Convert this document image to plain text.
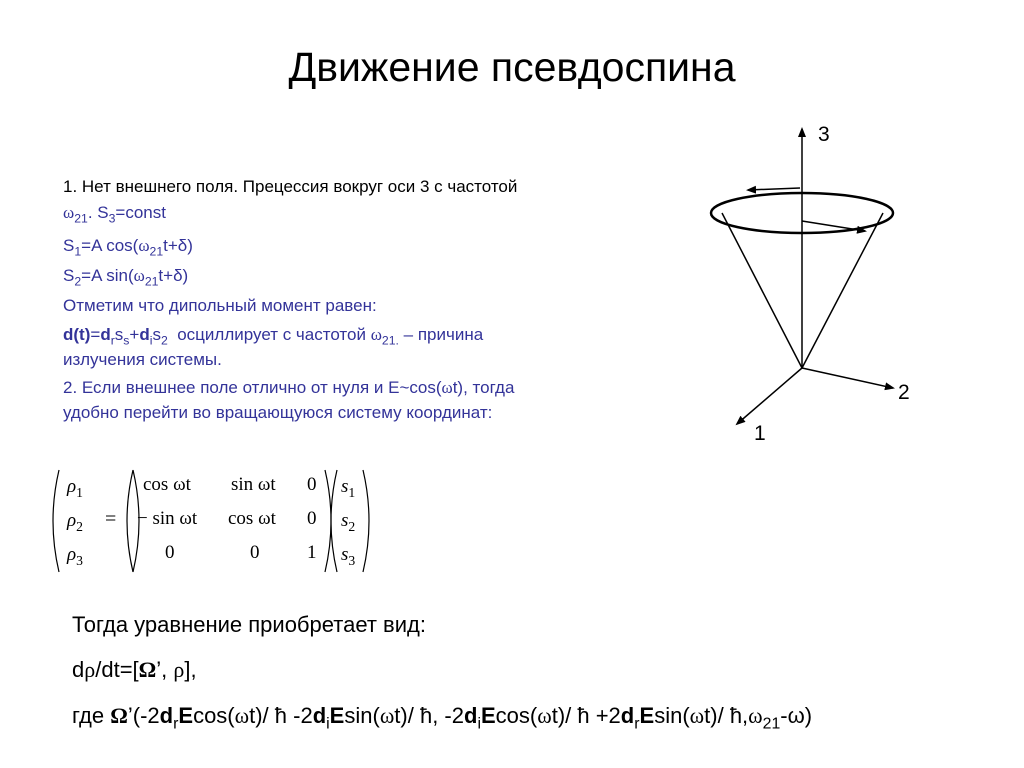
Движение псевдоспина
1. Нет внешнего поля. Прецессия вокруг оси 3 с частотой
$\omega_{21}$. $S_3=const$
$S_1=A$ $\cos(\omega_{21}t+\delta)$
$S_2=A$ $\sin(\omega_{21}t+\delta)$
Отметим что дипольный момент равен:
$d(t)=d_rs_s+d_is_2$ осциллирует с частотой $\omega_{21.}$ – причина
излучения системы.
2. Если внешнее поле отлично от нуля и E~cos(ωt), тогда
удобно перейти во вращающуюся систему координат:
3
2
1
$\rho_1$
$\rho_2$
$\rho_3$
=
cos ωt sin ωt 0
− sin ωt cos ωt 0
0	0	1
$s_1$
$s_2$
$s_3$
Тогда уравнение приобретает вид:
dρ/dt=[Ω’, ρ],
где $\Omega’(-2d_rEcos(\omega t)/$ ħ $-2d_iEsin(\omega t)/$ ħ, $-2d_iEcos(\omega t)/$ ħ $+2d_rEsin(\omega t)/$ $ħ,\omega_{21}-\omega$)
